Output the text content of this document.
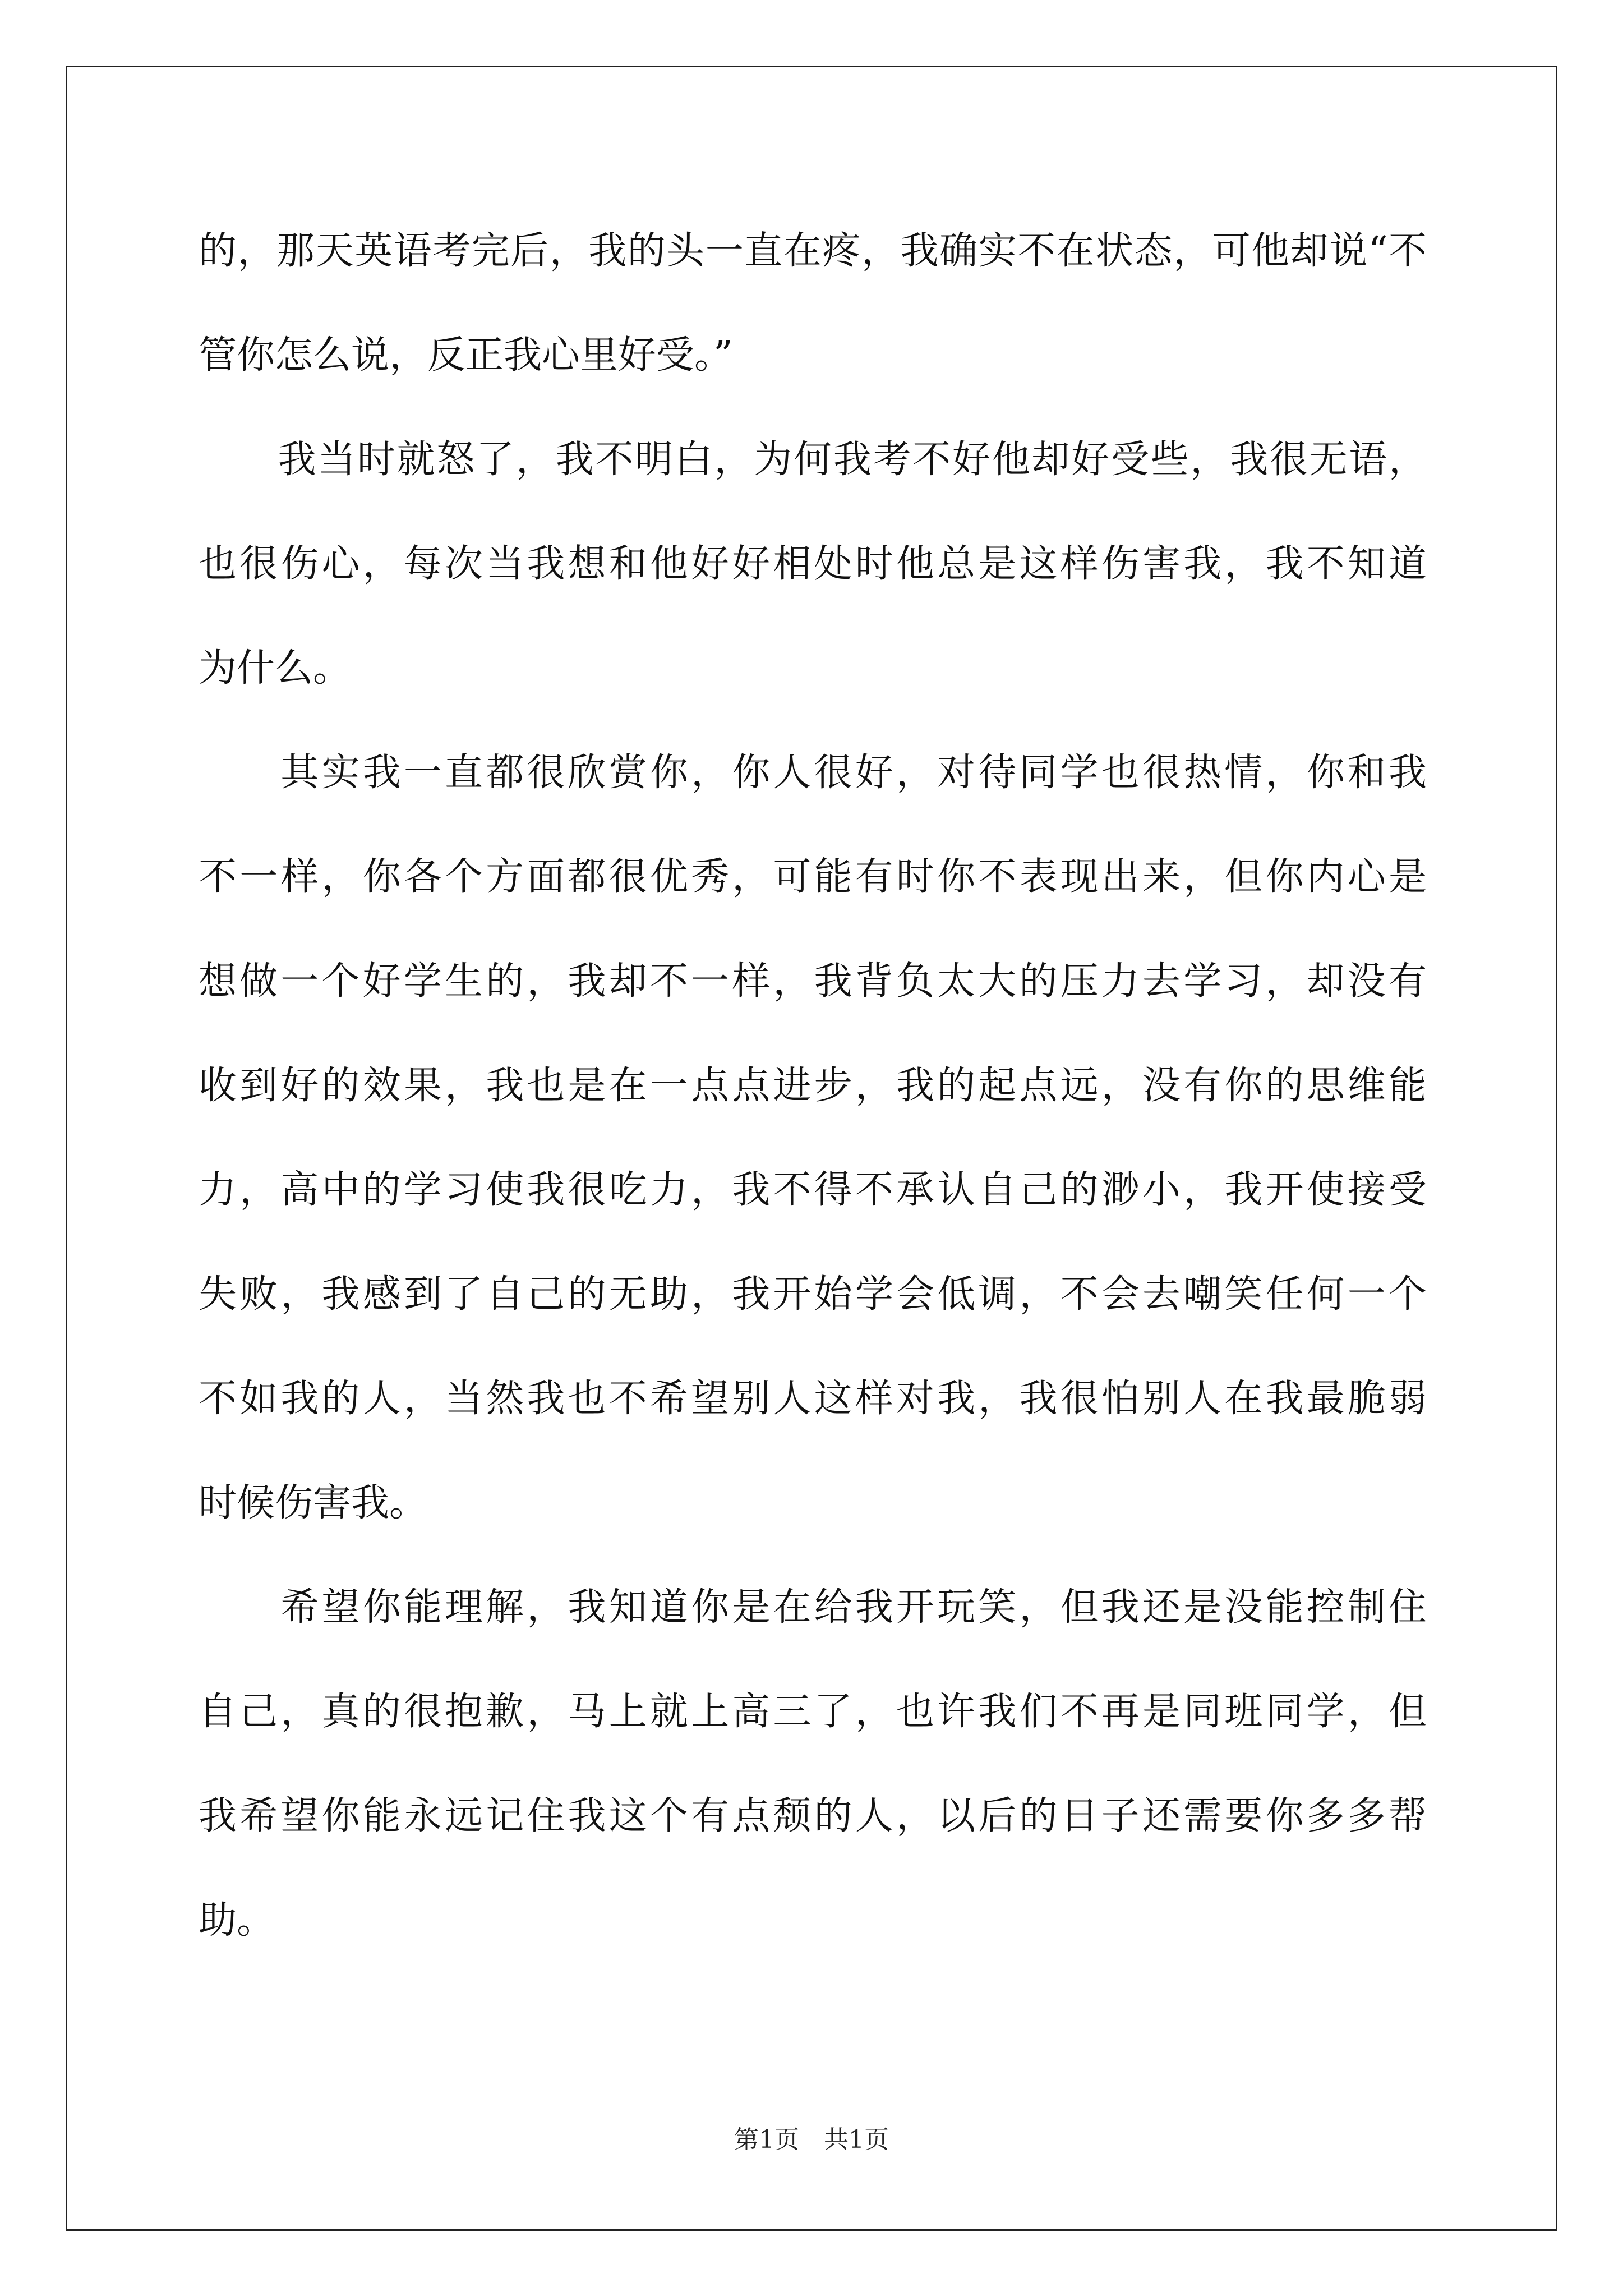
的，那天英语考完后，我的头一直在疼，我确实不在状态，可他却说“不
管你怎么说，反正我心里好受。”
　　我当时就怒了，我不明白，为何我考不好他却好受些，我很无语，
也很伤心，每次当我想和他好好相处时他总是这样伤害我，我不知道
为什么。
　　其实我一直都很欣赏你，你人很好，对待同学也很热情，你和我
不一样，你各个方面都很优秀，可能有时你不表现出来，但你内心是
想做一个好学生的，我却不一样，我背负太大的压力去学习，却没有
收到好的效果，我也是在一点点进步，我的起点远，没有你的思维能
力，高中的学习使我很吃力，我不得不承认自己的渺小，我开使接受
失败，我感到了自己的无助，我开始学会低调，不会去嘲笑任何一个
不如我的人，当然我也不希望别人这样对我，我很怕别人在我最脆弱
时候伤害我。
　　希望你能理解，我知道你是在给我开玩笑，但我还是没能控制住
自己，真的很抱歉，马上就上高三了，也许我们不再是同班同学，但
我希望你能永远记住我这个有点颓的人，以后的日子还需要你多多帮
助。
第1页　共1页
